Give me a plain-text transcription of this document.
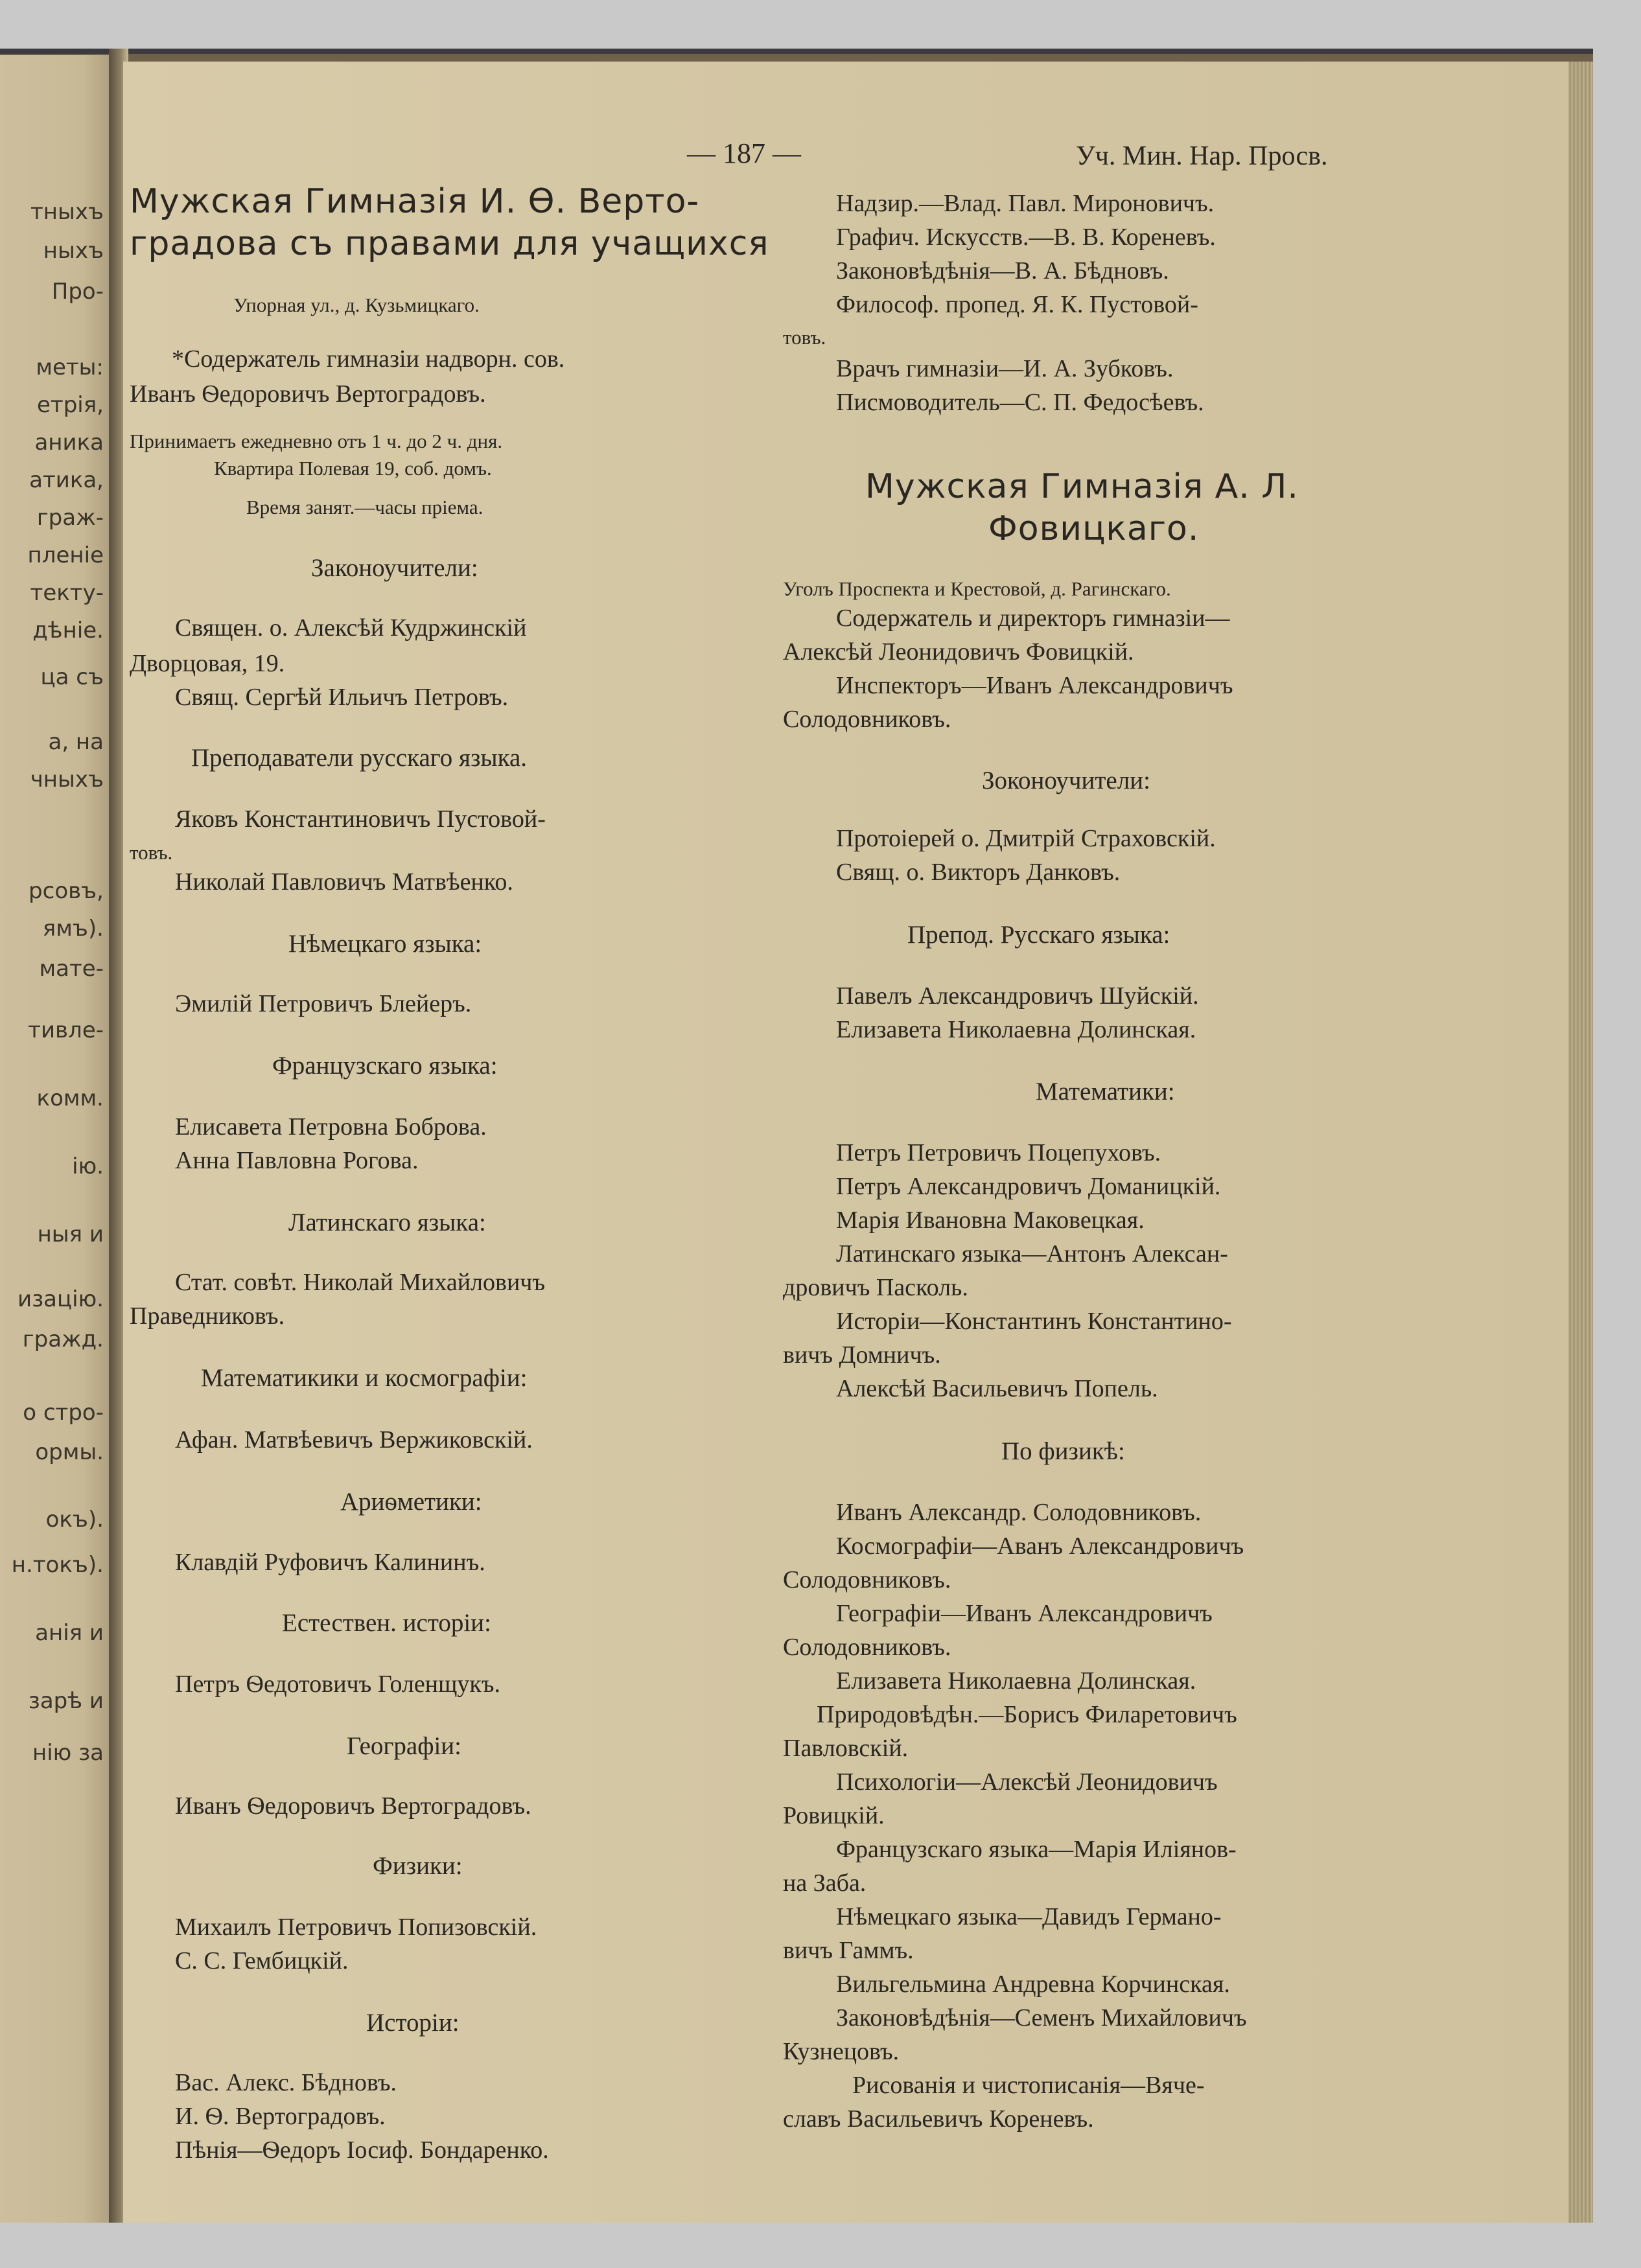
тныхъ
ныхъ
Про-
меты:
етрія,
аника
атика,
граж-
пленіе
текту-
дѣніе.
ца съ
а, на
чныхъ
рсовъ,
ямъ).
мате-
тивле-
комм.
ію.
ныя и
изацію.
гражд.
о стро-
ормы.
окъ).
н.токъ).
анія и
зарѣ и
нію за
— 187 —	Уч. Мин. Нар. Просв.
Мужская Гимназія И. Ѳ. Верто-
градова съ правами для учащихся
Упорная ул., д. Кузьмицкаго.
*Содержатель гимназіи надворн. сов.
Иванъ Ѳедоровичъ Вертоградовъ.
Принимаетъ ежедневно отъ 1 ч. до 2 ч. дня.
Квартира Полевая 19, соб. домъ.
Время занят.—часы пріема.
Законоучители:
Священ. о. Алексѣй Кудржинскій
Дворцовая, 19.
Свящ. Сергѣй Ильичъ Петровъ.
Преподаватели русскаго языка.
Яковъ Константиновичъ Пустовой-
товъ.
Николай Павловичъ Матвѣенко.
Нѣмецкаго языка:
Эмилій Петровичъ Блейеръ.
Французскаго языка:
Елисавета Петровна Боброва.
Анна Павловна Рогова.
Латинскаго языка:
Стат. совѣт. Николай Михайловичъ
Праведниковъ.
Математикики и космографіи:
Афан. Матвѣевичъ Вержиковскій.
Ариѳметики:
Клавдій Руфовичъ Калининъ.
Естествен. исторіи:
Петръ Ѳедотовичъ Голенщукъ.
Географіи:
Иванъ Ѳедоровичъ Вертоградовъ.
Физики:
Михаилъ Петровичъ Попизовскій.
С. С. Гембицкій.
Исторіи:
Вас. Алекс. Бѣдновъ.
И. Ѳ. Вертоградовъ.
Пѣнія—Ѳедоръ Іосиф. Бондаренко.
Надзир.—Влад. Павл. Мироновичъ.
Графич. Искусств.—В. В. Кореневъ.
Законовѣдѣнія—В. А. Бѣдновъ.
Философ. пропед. Я. К. Пустовой-
товъ.
Врачъ гимназіи—И. А. Зубковъ.
Писмоводитель—С. П. Федосѣевъ.
Мужская Гимназія А. Л.
Фовицкаго.
Уголъ Проспекта и Крестовой, д. Рагинскаго.
Содержатель и директоръ гимназіи—
Алексѣй Леонидовичъ Фовицкій.
Инспекторъ—Иванъ Александровичъ
Солодовниковъ.
Зоконоучители:
Протоіерей о. Дмитрій Страховскій.
Свящ. о. Викторъ Данковъ.
Препод. Русскаго языка:
Павелъ Александровичъ Шуйскій.
Елизавета Николаевна Долинская.
Математики:
Петръ Петровичъ Поцепуховъ.
Петръ Александровичъ Доманицкій.
Марія Ивановна Маковецкая.
Латинскаго языка—Антонъ Алексан-
дровичъ Пасколь.
Исторіи—Константинъ Константино-
вичъ Домничъ.
Алексѣй Васильевичъ Попель.
По физикѣ:
Иванъ Александр. Солодовниковъ.
Космографіи—Аванъ Александровичъ
Солодовниковъ.
Географіи—Иванъ Александровичъ
Солодовниковъ.
Елизавета Николаевна Долинская.
Природовѣдѣн.—Борисъ Филаретовичъ
Павловскій.
Психологіи—Алексѣй Леонидовичъ
Ровицкій.
Французскаго языка—Марія Иліянов-
на Заба.
Нѣмецкаго языка—Давидъ Германо-
вичъ Гаммъ.
Вильгельмина Андревна Корчинская.
Законовѣдѣнія—Семенъ Михайловичъ
Кузнецовъ.
Рисованія и чистописанія—Вяче-
славъ Васильевичъ Кореневъ.
